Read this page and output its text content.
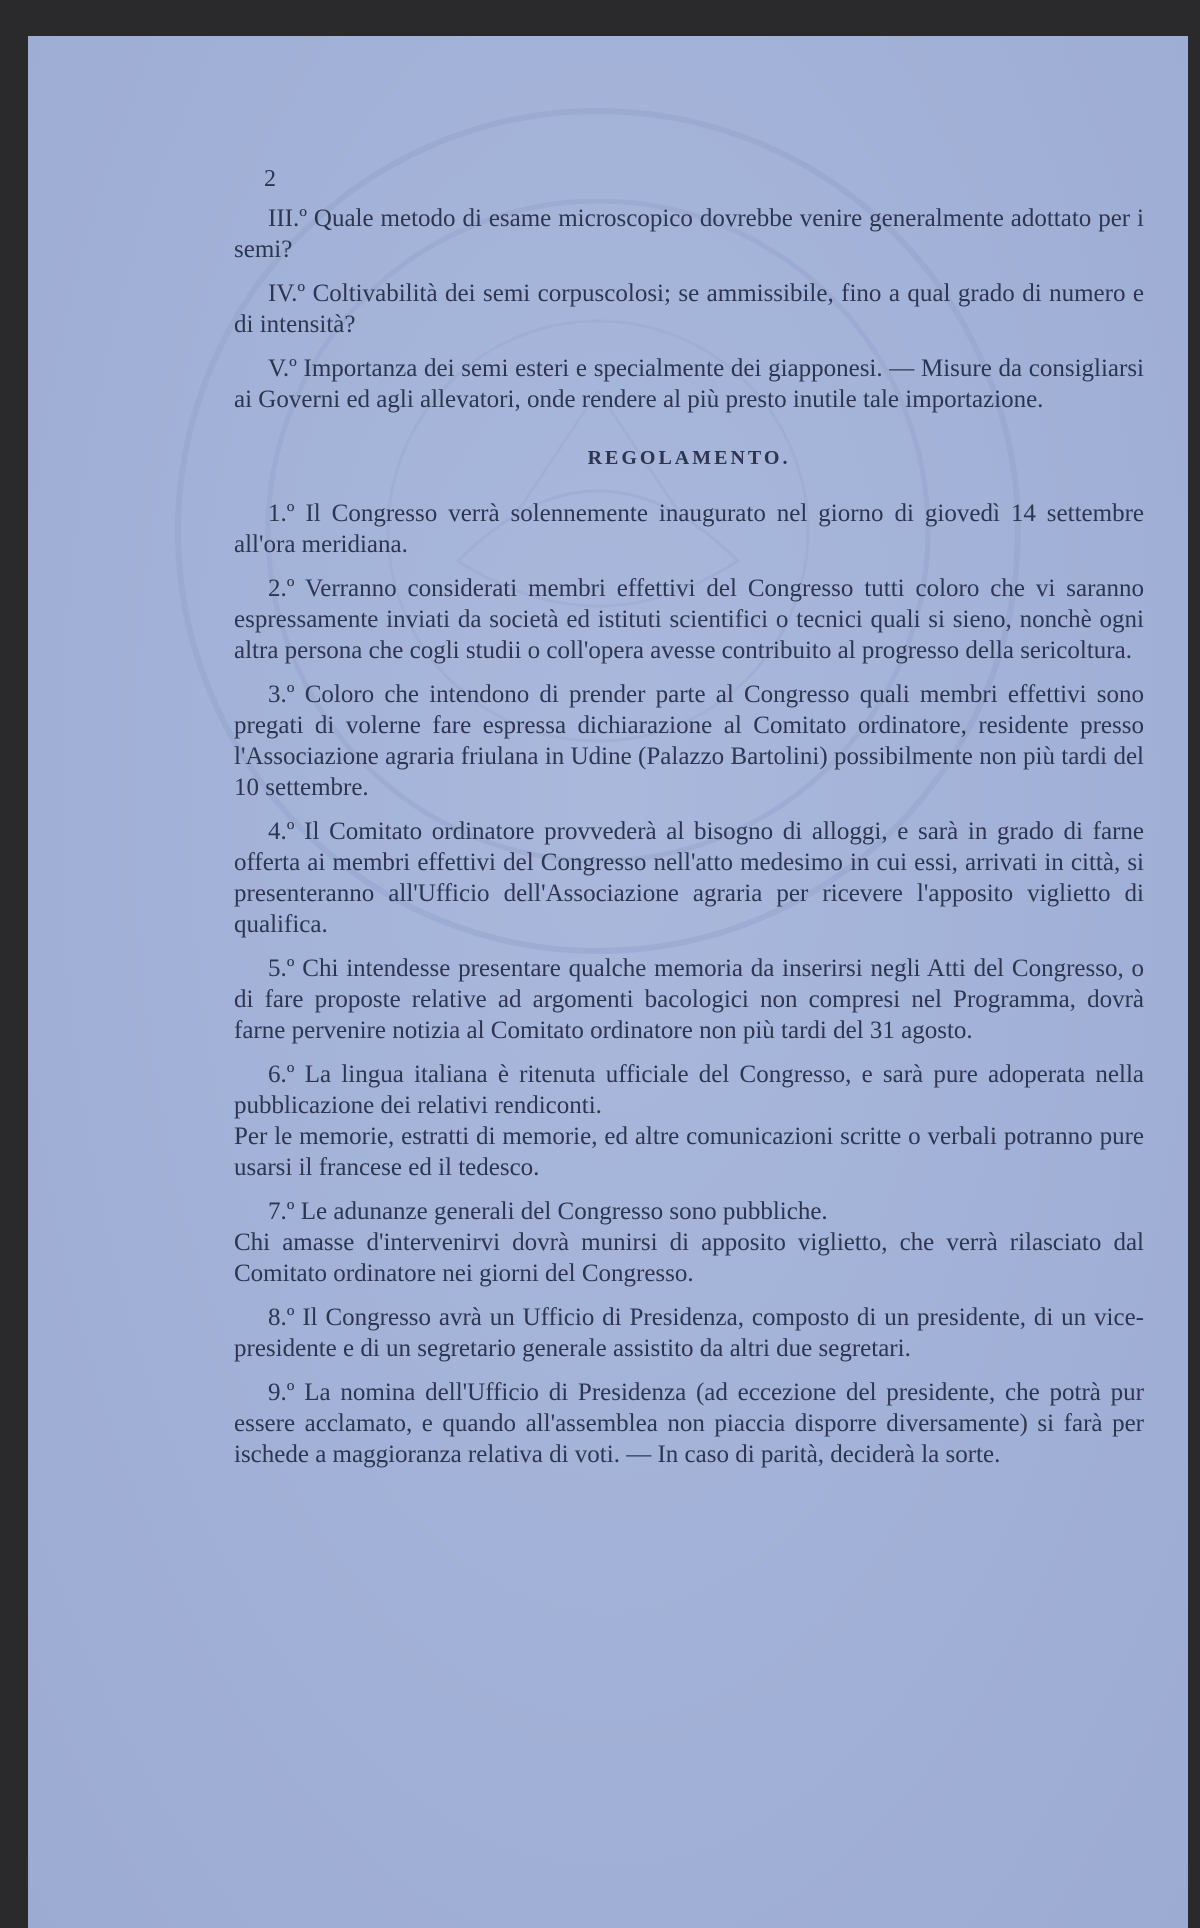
2

III.º Quale metodo di esame microscopico dovrebbe venire generalmente adottato per i semi?

IV.º Coltivabilità dei semi corpuscolosi; se ammissibile, fino a qual grado di numero e di intensità?

V.º Importanza dei semi esteri e specialmente dei giapponesi. — Misure da consigliarsi ai Governi ed agli allevatori, onde rendere al più presto inutile tale importazione.

REGOLAMENTO.

1.º Il Congresso verrà solennemente inaugurato nel giorno di giovedì 14 settembre all'ora meridiana.

2.º Verranno considerati membri effettivi del Congresso tutti coloro che vi saranno espressamente inviati da società ed istituti scientifici o tecnici quali si sieno, nonchè ogni altra persona che cogli studii o coll'opera avesse contribuito al progresso della sericoltura.

3.º Coloro che intendono di prender parte al Congresso quali membri effettivi sono pregati di volerne fare espressa dichiarazione al Comitato ordinatore, residente presso l'Associazione agraria friulana in Udine (Palazzo Bartolini) possibilmente non più tardi del 10 settembre.

4.º Il Comitato ordinatore provvederà al bisogno di alloggi, e sarà in grado di farne offerta ai membri effettivi del Congresso nell'atto medesimo in cui essi, arrivati in città, si presenteranno all'Ufficio dell'Associazione agraria per ricevere l'apposito viglietto di qualifica.

5.º Chi intendesse presentare qualche memoria da inserirsi negli Atti del Congresso, o di fare proposte relative ad argomenti bacologici non compresi nel Programma, dovrà farne pervenire notizia al Comitato ordinatore non più tardi del 31 agosto.

6.º La lingua italiana è ritenuta ufficiale del Congresso, e sarà pure adoperata nella pubblicazione dei relativi rendiconti.

Per le memorie, estratti di memorie, ed altre comunicazioni scritte o verbali potranno pure usarsi il francese ed il tedesco.

7.º Le adunanze generali del Congresso sono pubbliche.

Chi amasse d'intervenirvi dovrà munirsi di apposito viglietto, che verrà rilasciato dal Comitato ordinatore nei giorni del Congresso.

8.º Il Congresso avrà un Ufficio di Presidenza, composto di un presidente, di un vice-presidente e di un segretario generale assistito da altri due segretari.

9.º La nomina dell'Ufficio di Presidenza (ad eccezione del presidente, che potrà pur essere acclamato, e quando all'assemblea non piaccia disporre diversamente) si farà per ischede a maggioranza relativa di voti. — In caso di parità, deciderà la sorte.
